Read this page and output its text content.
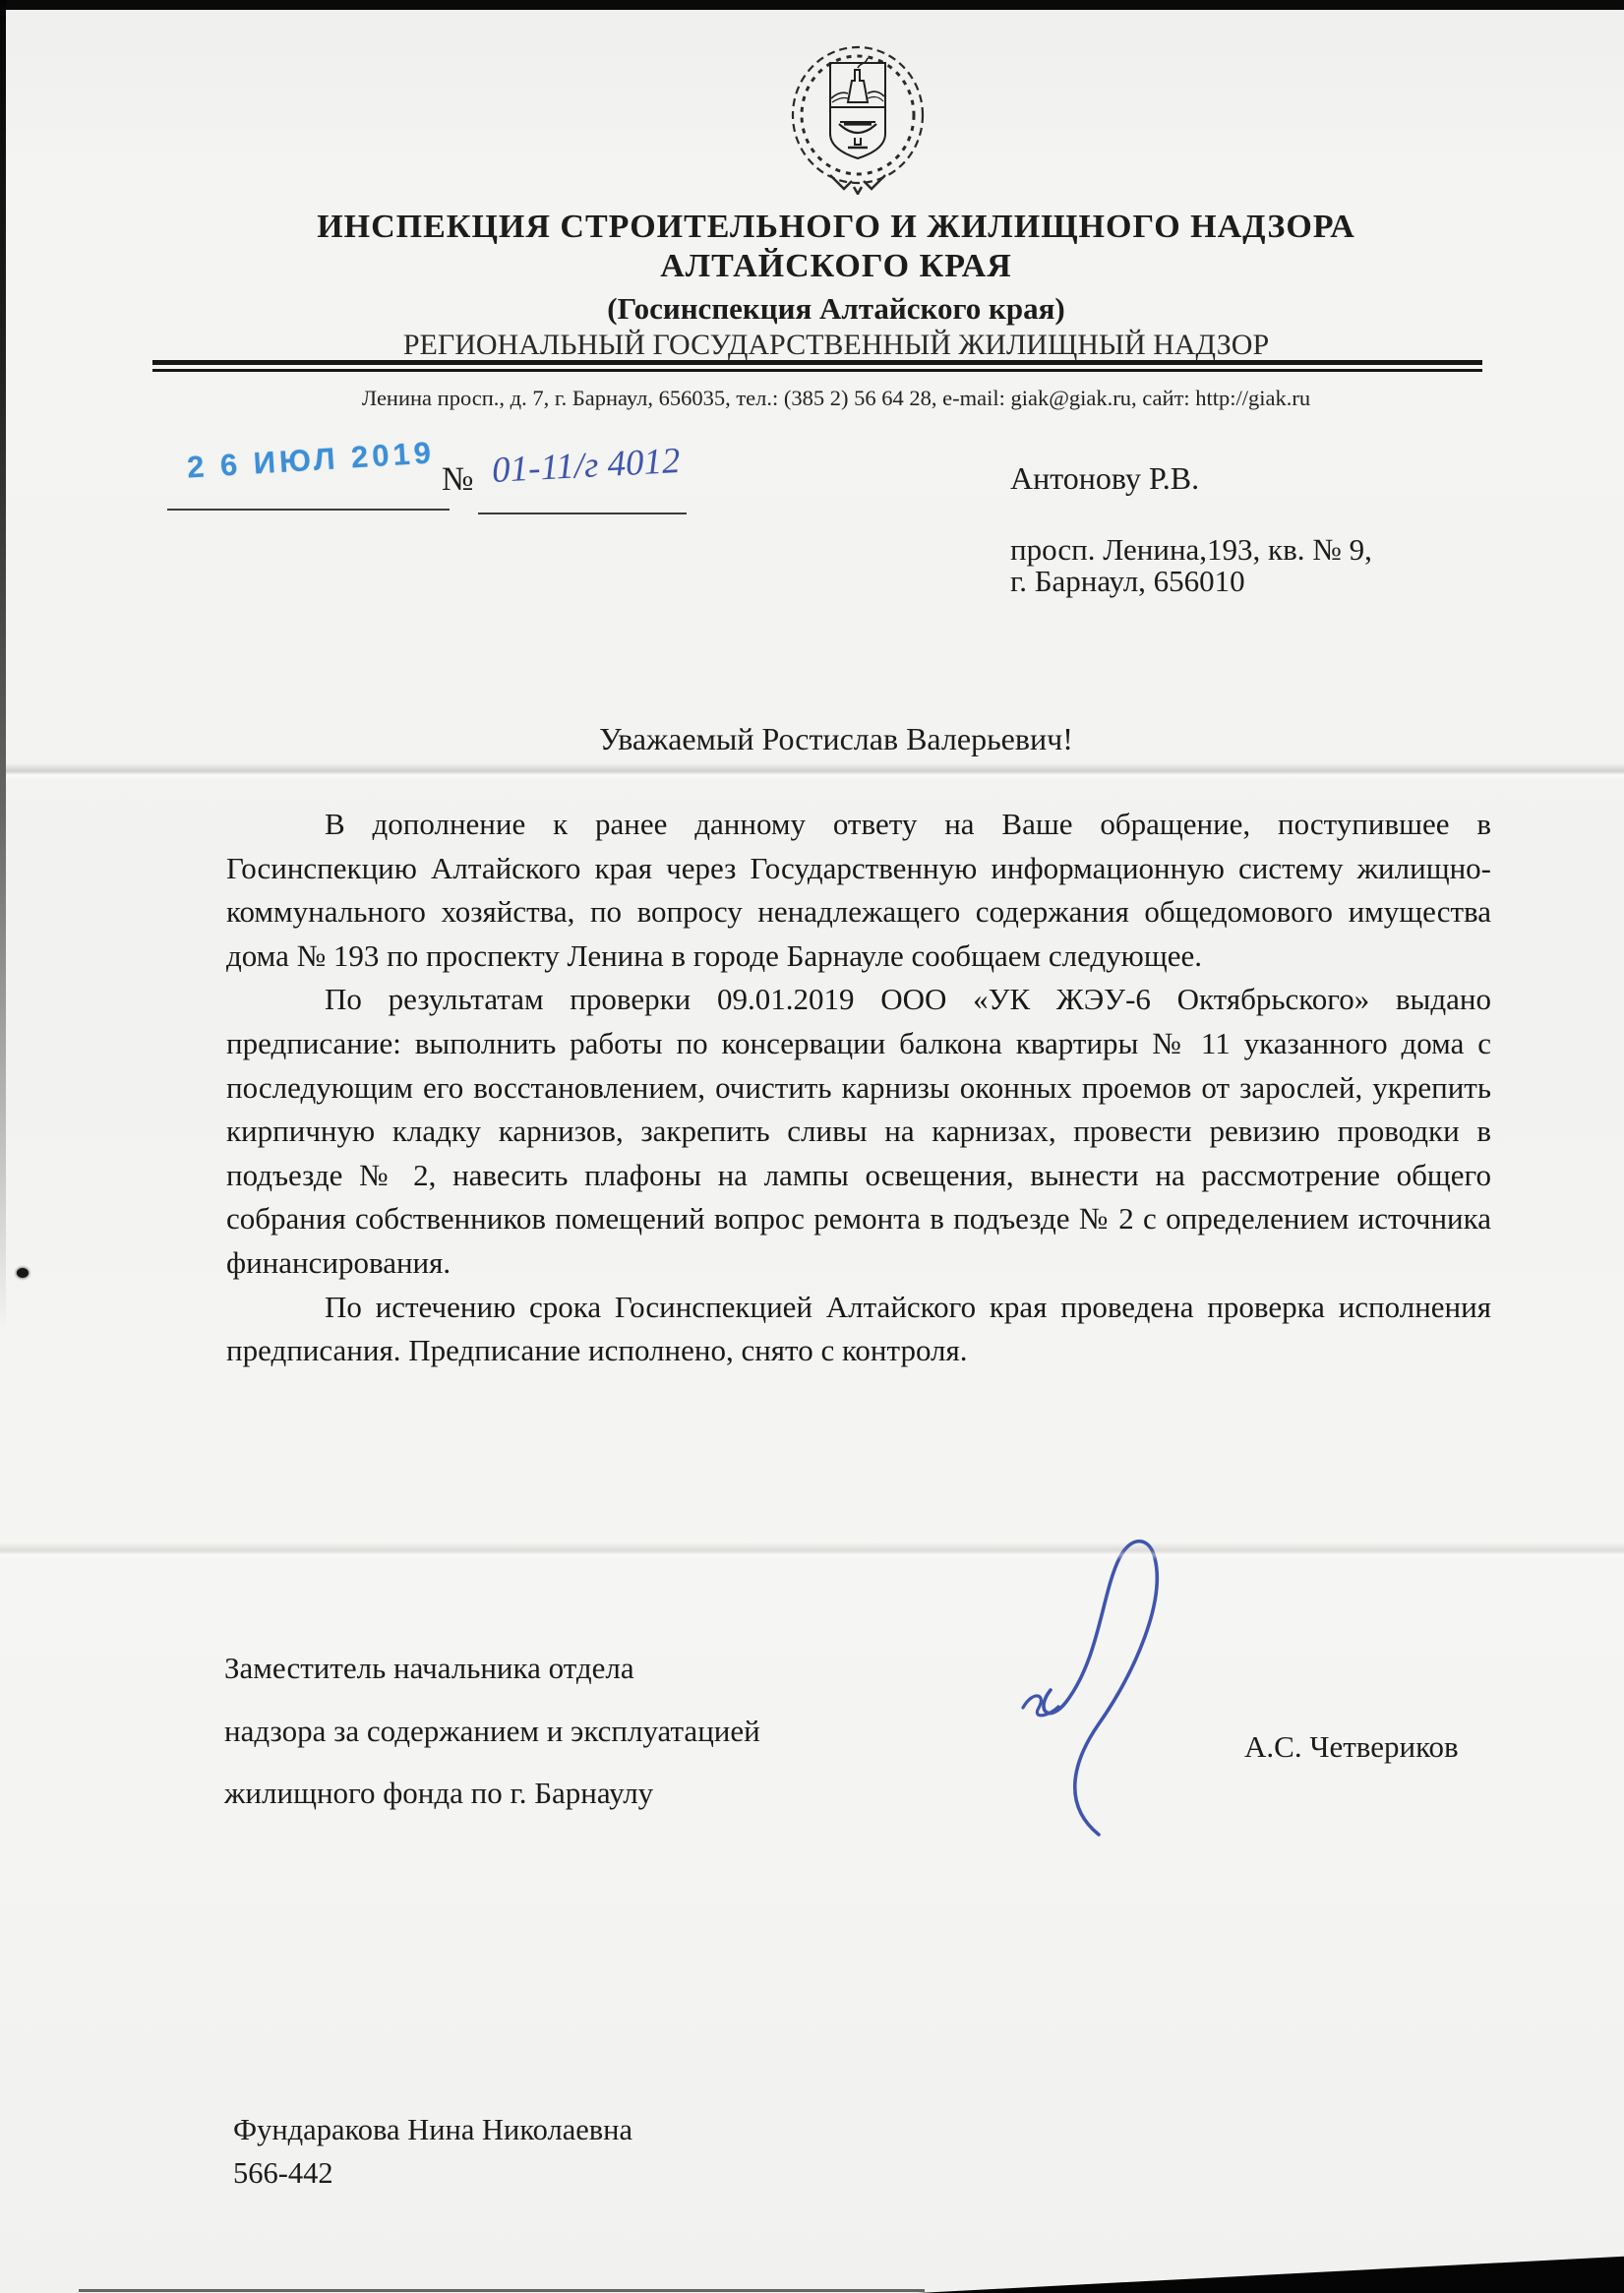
ИНСПЕКЦИЯ СТРОИТЕЛЬНОГО И ЖИЛИЩНОГО НАДЗОРА
АЛТАЙСКОГО КРАЯ
(Госинспекция Алтайского края)
РЕГИОНАЛЬНЫЙ ГОСУДАРСТВЕННЫЙ ЖИЛИЩНЫЙ НАДЗОР
Ленина просп., д. 7, г. Барнаул, 656035, тел.: (385 2) 56 64 28, e-mail: giak@giak.ru, сайт: http://giak.ru
2 6 ИЮЛ 2019 № 01-11/г 4012	Антонову Р.В.
просп. Ленина,193, кв. № 9,
г. Барнаул, 656010
Уважаемый Ростислав Валерьевич!

В дополнение к ранее данному ответу на Ваше обращение, поступившее в Госинспекцию Алтайского края через Государственную информационную систему жилищно-коммунального хозяйства, по вопросу ненадлежащего содержания общедомового имущества дома № 193 по проспекту Ленина в городе Барнауле сообщаем следующее.

По результатам проверки 09.01.2019 ООО «УК ЖЭУ-6 Октябрьского» выдано предписание: выполнить работы по консервации балкона квартиры № 11 указанного дома с последующим его восстановлением, очистить карнизы оконных проемов от зарослей, укрепить кирпичную кладку карнизов, закрепить сливы на карнизах, провести ревизию проводки в подъезде № 2, навесить плафоны на лампы освещения, вынести на рассмотрение общего собрания собственников помещений вопрос ремонта в подъезде № 2 с определением источника финансирования.

По истечению срока Госинспекцией Алтайского края проведена проверка исполнения предписания. Предписание исполнено, снято с контроля.

Заместитель начальника отдела
надзора за содержанием и эксплуатацией
жилищного фонда по г. Барнаулу
А.С. Четвериков
Фундаракова Нина Николаевна
566-442
